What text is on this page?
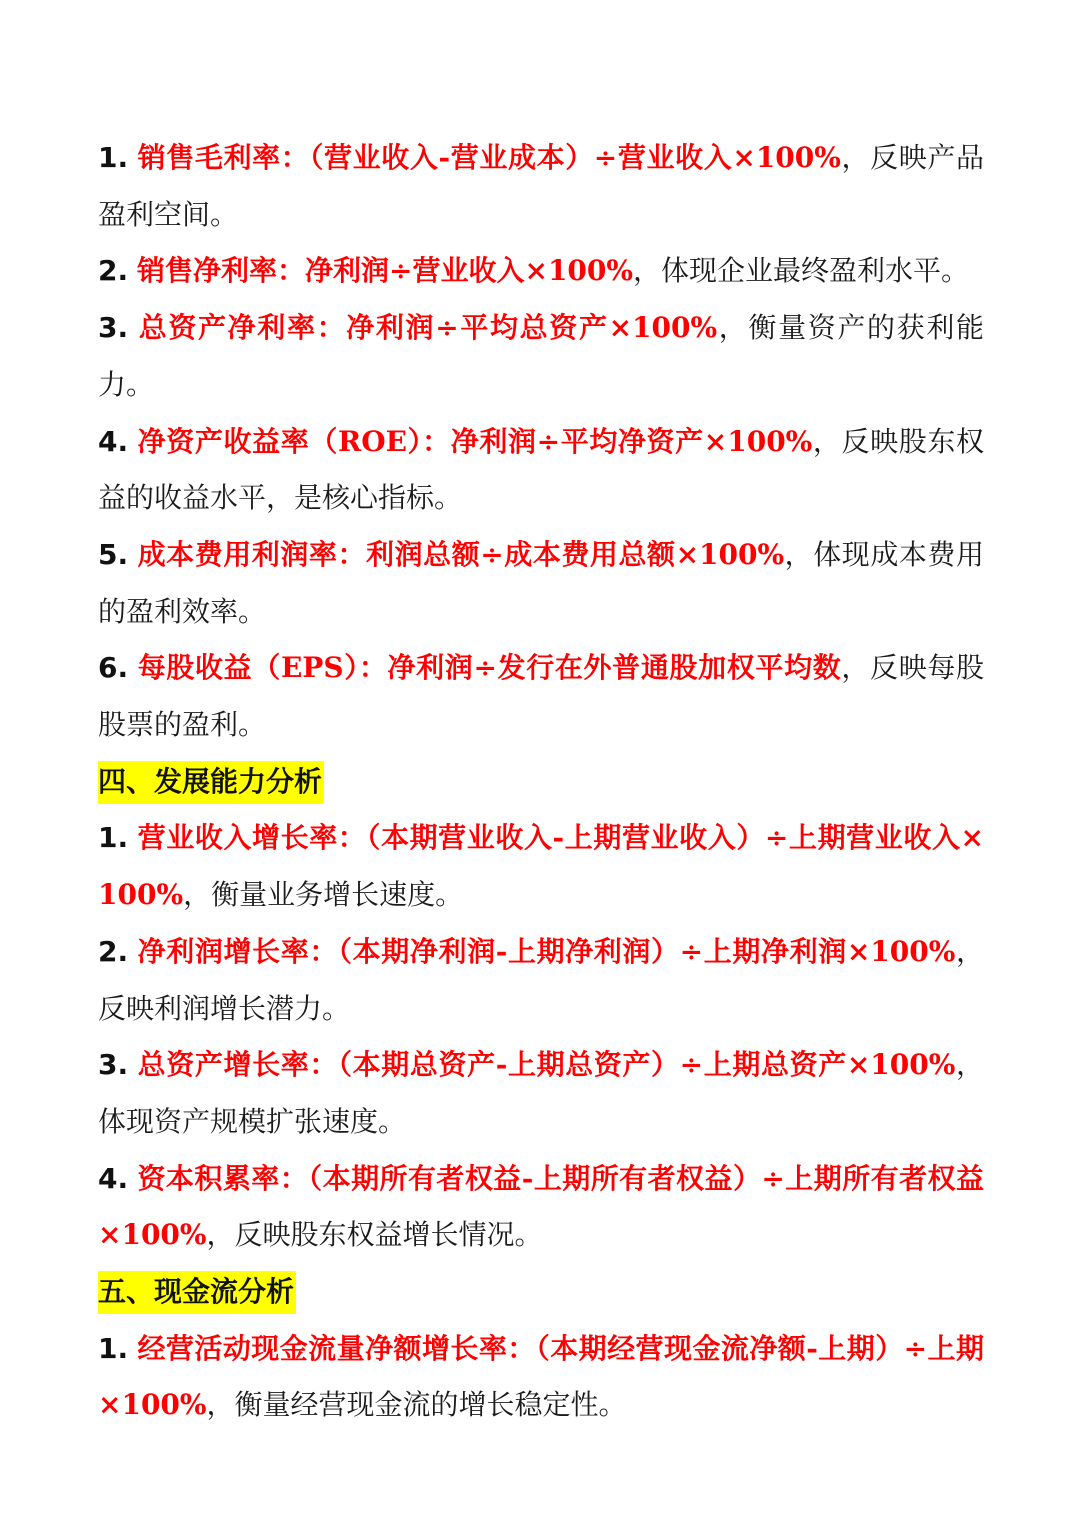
1. 销售毛利率：（营业收入-营业成本）÷营业收入×100%，反映产品盈利空间。

2. 销售净利率：净利润÷营业收入×100%，体现企业最终盈利水平。

3. 总资产净利率：净利润÷平均总资产×100%，衡量资产的获利能力。

4. 净资产收益率（ROE）：净利润÷平均净资产×100%，反映股东权益的收益水平，是核心指标。

5. 成本费用利润率：利润总额÷成本费用总额×100%，体现成本费用的盈利效率。

6. 每股收益（EPS）：净利润÷发行在外普通股加权平均数，反映每股股票的盈利。

四、发展能力分析

1. 营业收入增长率：（本期营业收入-上期营业收入）÷上期营业收入×100%，衡量业务增长速度。

2. 净利润增长率：（本期净利润-上期净利润）÷上期净利润×100%，反映利润增长潜力。

3. 总资产增长率：（本期总资产-上期总资产）÷上期总资产×100%，体现资产规模扩张速度。

4. 资本积累率：（本期所有者权益-上期所有者权益）÷上期所有者权益×100%，反映股东权益增长情况。

五、现金流分析

1. 经营活动现金流量净额增长率：（本期经营现金流净额-上期）÷上期×100%，衡量经营现金流的增长稳定性。
